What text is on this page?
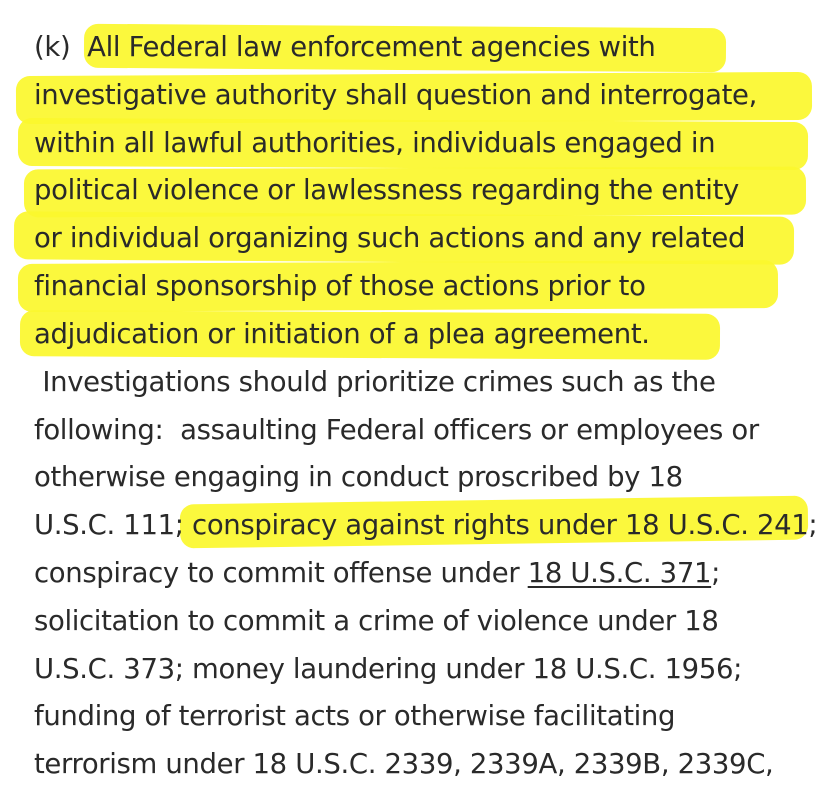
(k) All Federal law enforcement agencies with
investigative authority shall question and interrogate,
within all lawful authorities, individuals engaged in
political violence or lawlessness regarding the entity
or individual organizing such actions and any related
financial sponsorship of those actions prior to
adjudication or initiation of a plea agreement.
Investigations should prioritize crimes such as the
following:  assaulting Federal officers or employees or
otherwise engaging in conduct proscribed by 18
U.S.C. 111; conspiracy against rights under 18 U.S.C. 241;
conspiracy to commit offense under 18 U.S.C. 371;
solicitation to commit a crime of violence under 18
U.S.C. 373; money laundering under 18 U.S.C. 1956;
funding of terrorist acts or otherwise facilitating
terrorism under 18 U.S.C. 2339, 2339A, 2339B, 2339C,
